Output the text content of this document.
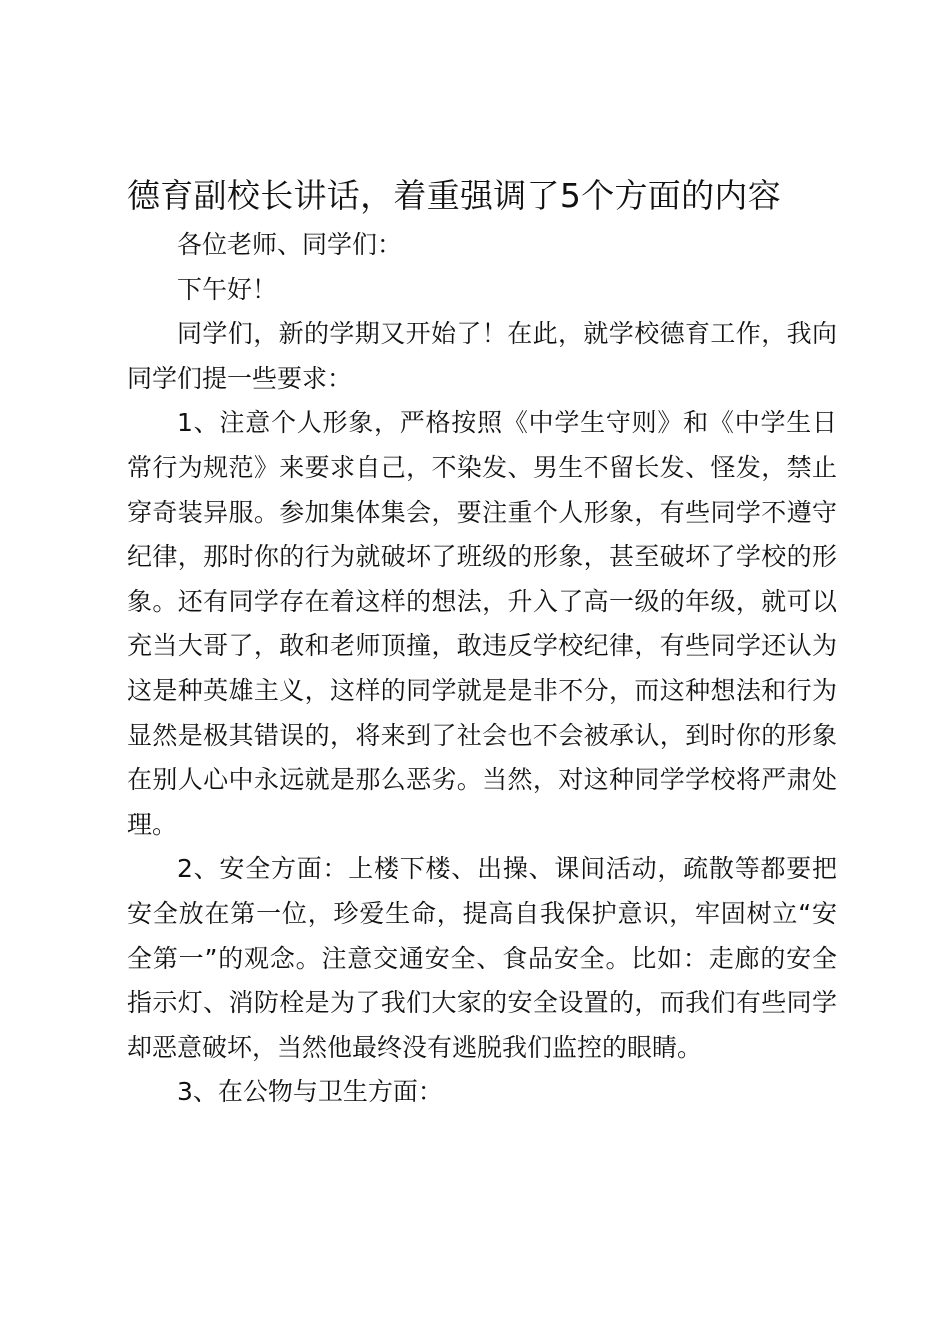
德育副校长讲话，着重强调了5个方面的内容

各位老师、同学们：

下午好！

同学们，新的学期又开始了！在此，就学校德育工作，我向同学们提一些要求：

1、注意个人形象，严格按照《中学生守则》和《中学生日常行为规范》来要求自己，不染发、男生不留长发、怪发，禁止穿奇装异服。参加集体集会，要注重个人形象，有些同学不遵守纪律，那时你的行为就破坏了班级的形象，甚至破坏了学校的形象。还有同学存在着这样的想法，升入了高一级的年级，就可以充当大哥了，敢和老师顶撞，敢违反学校纪律，有些同学还认为这是种英雄主义，这样的同学就是是非不分，而这种想法和行为显然是极其错误的，将来到了社会也不会被承认，到时你的形象在别人心中永远就是那么恶劣。当然，对这种同学学校将严肃处理。

2、安全方面：上楼下楼、出操、课间活动，疏散等都要把安全放在第一位，珍爱生命，提高自我保护意识，牢固树立“安全第一”的观念。注意交通安全、食品安全。比如：走廊的安全指示灯、消防栓是为了我们大家的安全设置的，而我们有些同学却恶意破坏，当然他最终没有逃脱我们监控的眼睛。

3、在公物与卫生方面：
